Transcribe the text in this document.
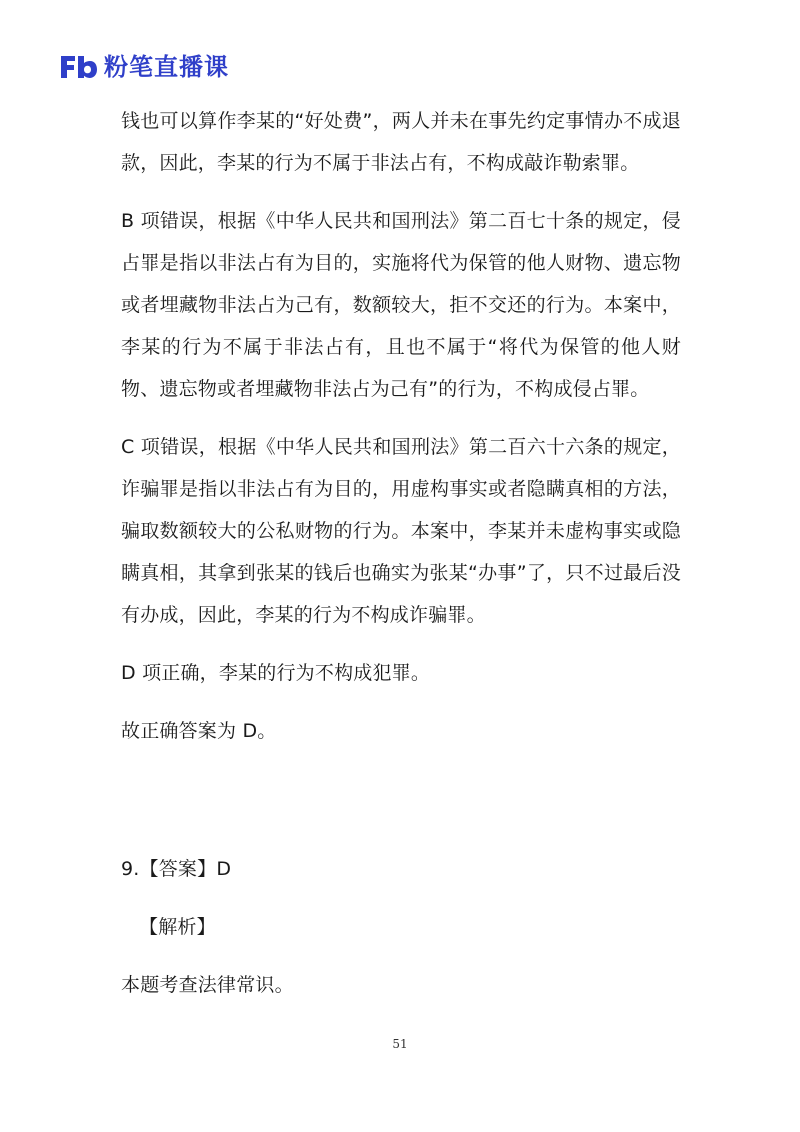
粉笔直播课

钱也可以算作李某的“好处费”，两人并未在事先约定事情办不成退款，因此，李某的行为不属于非法占有，不构成敲诈勒索罪。

B 项错误，根据《中华人民共和国刑法》第二百七十条的规定，侵占罪是指以非法占有为目的，实施将代为保管的他人财物、遗忘物或者埋藏物非法占为己有，数额较大，拒不交还的行为。本案中，李某的行为不属于非法占有，且也不属于“将代为保管的他人财物、遗忘物或者埋藏物非法占为己有”的行为，不构成侵占罪。

C 项错误，根据《中华人民共和国刑法》第二百六十六条的规定，诈骗罪是指以非法占有为目的，用虚构事实或者隐瞒真相的方法，骗取数额较大的公私财物的行为。本案中，李某并未虚构事实或隐瞒真相，其拿到张某的钱后也确实为张某“办事”了，只不过最后没有办成，因此，李某的行为不构成诈骗罪。

D 项正确，李某的行为不构成犯罪。

故正确答案为 D。

9.【答案】D

【解析】

本题考查法律常识。

51
